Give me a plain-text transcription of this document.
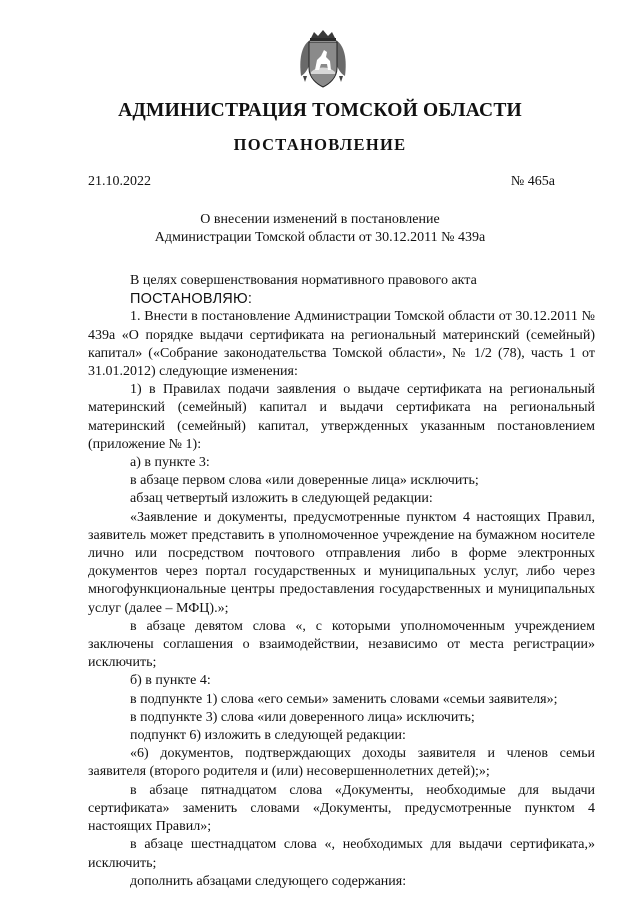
АДМИНИСТРАЦИЯ ТОМСКОЙ ОБЛАСТИ
ПОСТАНОВЛЕНИЕ
21.10.2022	№ 465а
О внесении изменений в постановление
Администрации Томской области от 30.12.2011 № 439а

В целях совершенствования нормативного правового акта

ПОСТАНОВЛЯЮ:

1. Внести в постановление Администрации Томской области от 30.12.2011 № 439а «О порядке выдачи сертификата на региональный материнский (семейный) капитал» («Собрание законодательства Томской области», № 1/2 (78), часть 1 от 31.01.2012) следующие изменения:

1) в Правилах подачи заявления о выдаче сертификата на региональный материнский (семейный) капитал и выдачи сертификата на региональный материнский (семейный) капитал, утвержденных указанным постановлением (приложение № 1):

а) в пункте 3:

в абзаце первом слова «или доверенные лица» исключить;

абзац четвертый изложить в следующей редакции:

«Заявление и документы, предусмотренные пунктом 4 настоящих Правил, заявитель может представить в уполномоченное учреждение на бумажном носителе лично или посредством почтового отправления либо в форме электронных документов через портал государственных и муниципальных услуг, либо через многофункциональные центры предоставления государственных и муниципальных услуг (далее – МФЦ).»;

в абзаце девятом слова «, с которыми уполномоченным учреждением заключены соглашения о взаимодействии, независимо от места регистрации» исключить;

б) в пункте 4:

в подпункте 1) слова «его семьи» заменить словами «семьи заявителя»;

в подпункте 3) слова «или доверенного лица» исключить;

подпункт 6) изложить в следующей редакции:

«6) документов, подтверждающих доходы заявителя и членов семьи заявителя (второго родителя и (или) несовершеннолетних детей);»;

в абзаце пятнадцатом слова «Документы, необходимые для выдачи сертификата» заменить словами «Документы, предусмотренные пунктом 4 настоящих Правил»;

в абзаце шестнадцатом слова «, необходимых для выдачи сертификата,» исключить;

дополнить абзацами следующего содержания:
